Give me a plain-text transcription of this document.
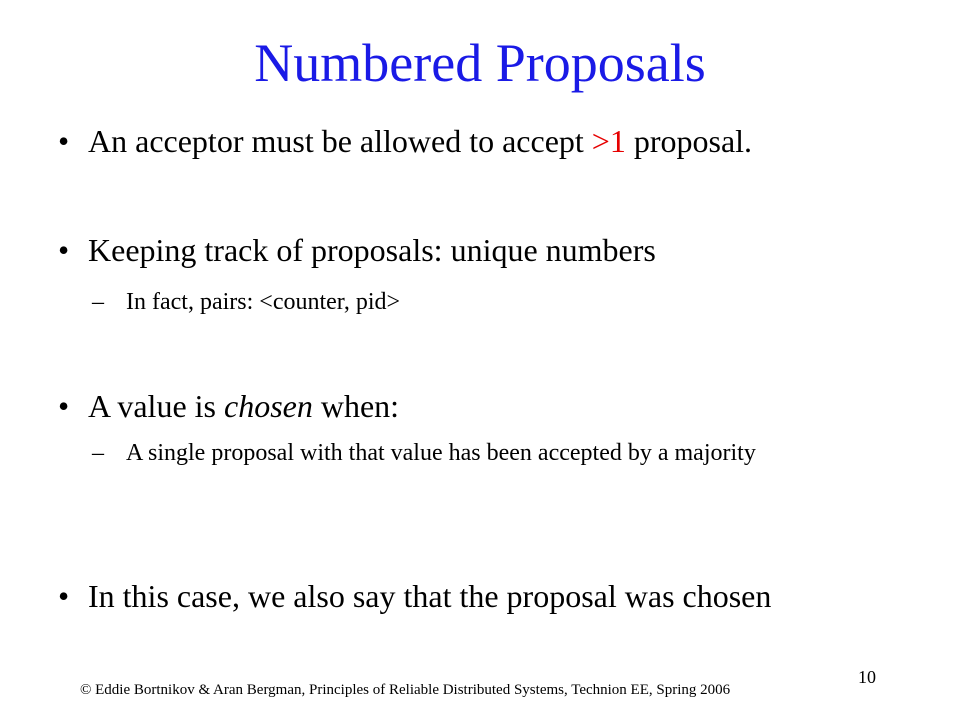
Numbered Proposals
• An acceptor must be allowed to accept >1 proposal.
• Keeping track of proposals: unique numbers
– In fact, pairs: <counter, pid>
• A value is chosen when:
– A single proposal with that value has been accepted by a majority
• In this case, we also say that the proposal was chosen
© Eddie Bortnikov & Aran Bergman, Principles of Reliable Distributed Systems, Technion EE, Spring 2006
10
